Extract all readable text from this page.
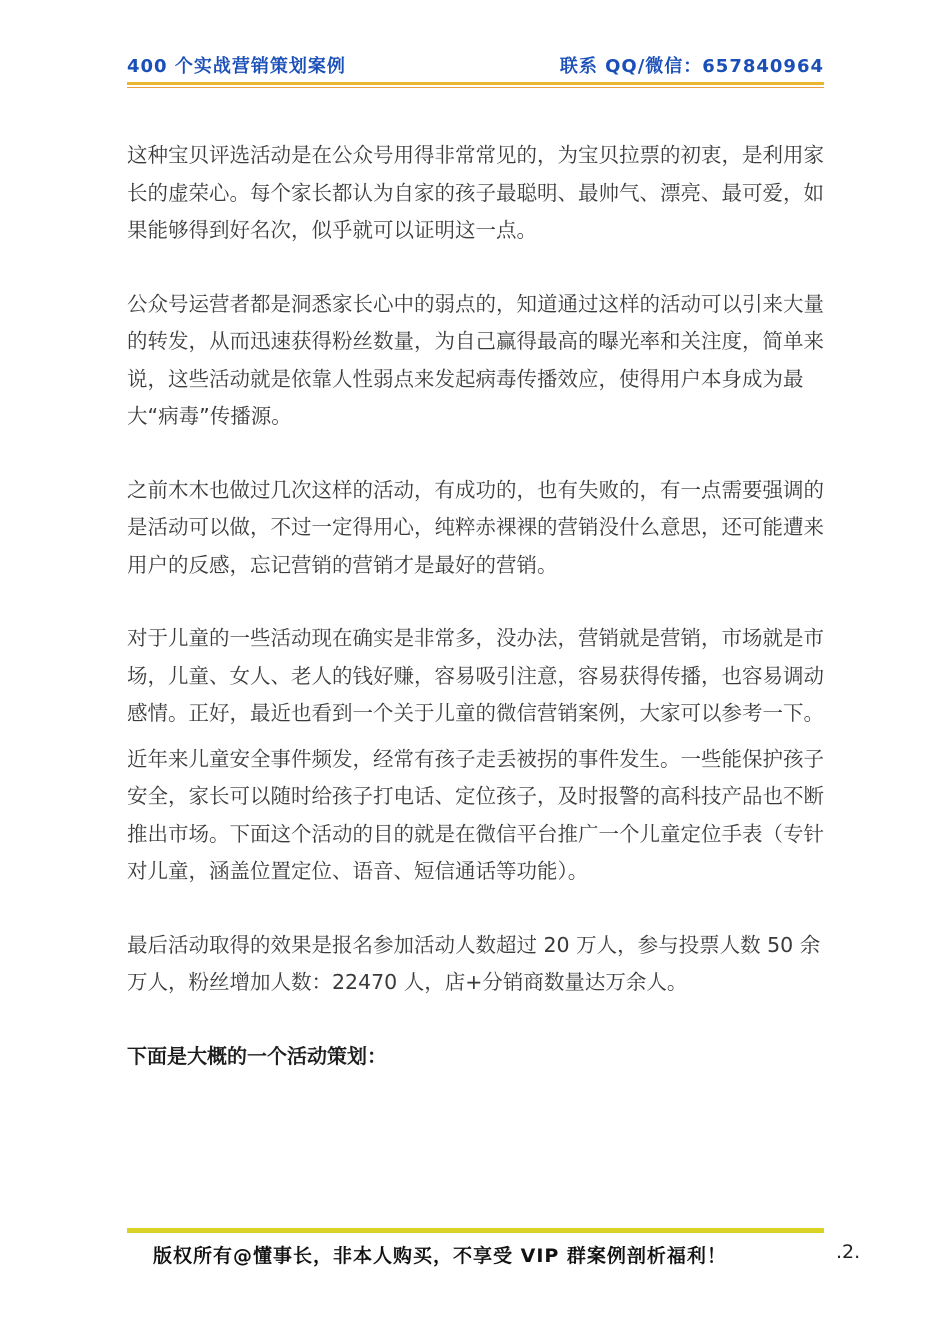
400 个实战营销策划案例	联系 QQ/微信：657840964

这种宝贝评选活动是在公众号用得非常常见的，为宝贝拉票的初衷，是利用家长的虚荣心。每个家长都认为自家的孩子最聪明、最帅气、漂亮、最可爱，如果能够得到好名次，似乎就可以证明这一点。

公众号运营者都是洞悉家长心中的弱点的，知道通过这样的活动可以引来大量的转发，从而迅速获得粉丝数量，为自己赢得最高的曝光率和关注度，简单来说，这些活动就是依靠人性弱点来发起病毒传播效应，使得用户本身成为最大“病毒”传播源。

之前木木也做过几次这样的活动，有成功的，也有失败的，有一点需要强调的是活动可以做，不过一定得用心，纯粹赤裸裸的营销没什么意思，还可能遭来用户的反感，忘记营销的营销才是最好的营销。

对于儿童的一些活动现在确实是非常多，没办法，营销就是营销，市场就是市场，儿童、女人、老人的钱好赚，容易吸引注意，容易获得传播，也容易调动感情。正好，最近也看到一个关于儿童的微信营销案例，大家可以参考一下。

近年来儿童安全事件频发，经常有孩子走丢被拐的事件发生。一些能保护孩子安全，家长可以随时给孩子打电话、定位孩子，及时报警的高科技产品也不断推出市场。下面这个活动的目的就是在微信平台推广一个儿童定位手表（专针对儿童，涵盖位置定位、语音、短信通话等功能）。

最后活动取得的效果是报名参加活动人数超过 20 万人，参与投票人数 50 余万人，粉丝增加人数：22470 人，店+分销商数量达万余人。

下面是大概的一个活动策划：

版权所有@懂事长，非本人购买，不享受 VIP 群案例剖析福利！	.2.
